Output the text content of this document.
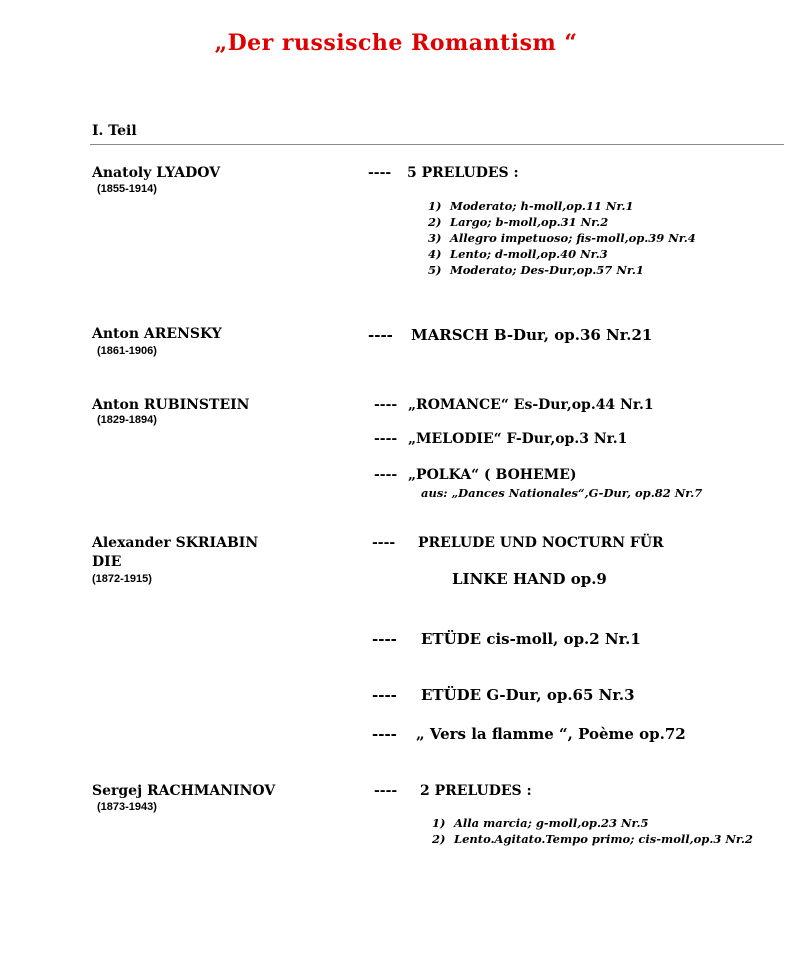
„Der russische Romantism “
I. Teil
Anatoly LYADOV
(1855-1914)
---- 5 PRELUDES :
1) Moderato; h-moll,op.11 Nr.1
2) Largo; b-moll,op.31 Nr.2
3) Allegro impetuoso; fis-moll,op.39 Nr.4
4) Lento; d-moll,op.40 Nr.3
5) Moderato; Des-Dur,op.57 Nr.1
Anton ARENSKY
(1861-1906)
---- MARSCH B-Dur, op.36 Nr.21
Anton RUBINSTEIN
(1829-1894)
---- „ROMANCE“ Es-Dur,op.44 Nr.1
---- „MELODIE“ F-Dur,op.3 Nr.1
---- „POLKA“ ( BOHEME)
aus: „Dances Nationales“,G-Dur, op.82 Nr.7
Alexander SKRIABIN
DIE
(1872-1915)
---- PRELUDE UND NOCTURN FÜR
LINKE HAND op.9
---- ETÜDE cis-moll, op.2 Nr.1
---- ETÜDE G-Dur, op.65 Nr.3
---- „ Vers la flamme “, Poème op.72
Sergej RACHMANINOV
(1873-1943)
---- 2 PRELUDES :
1) Alla marcia; g-moll,op.23 Nr.5
2) Lento.Agitato.Tempo primo; cis-moll,op.3 Nr.2
